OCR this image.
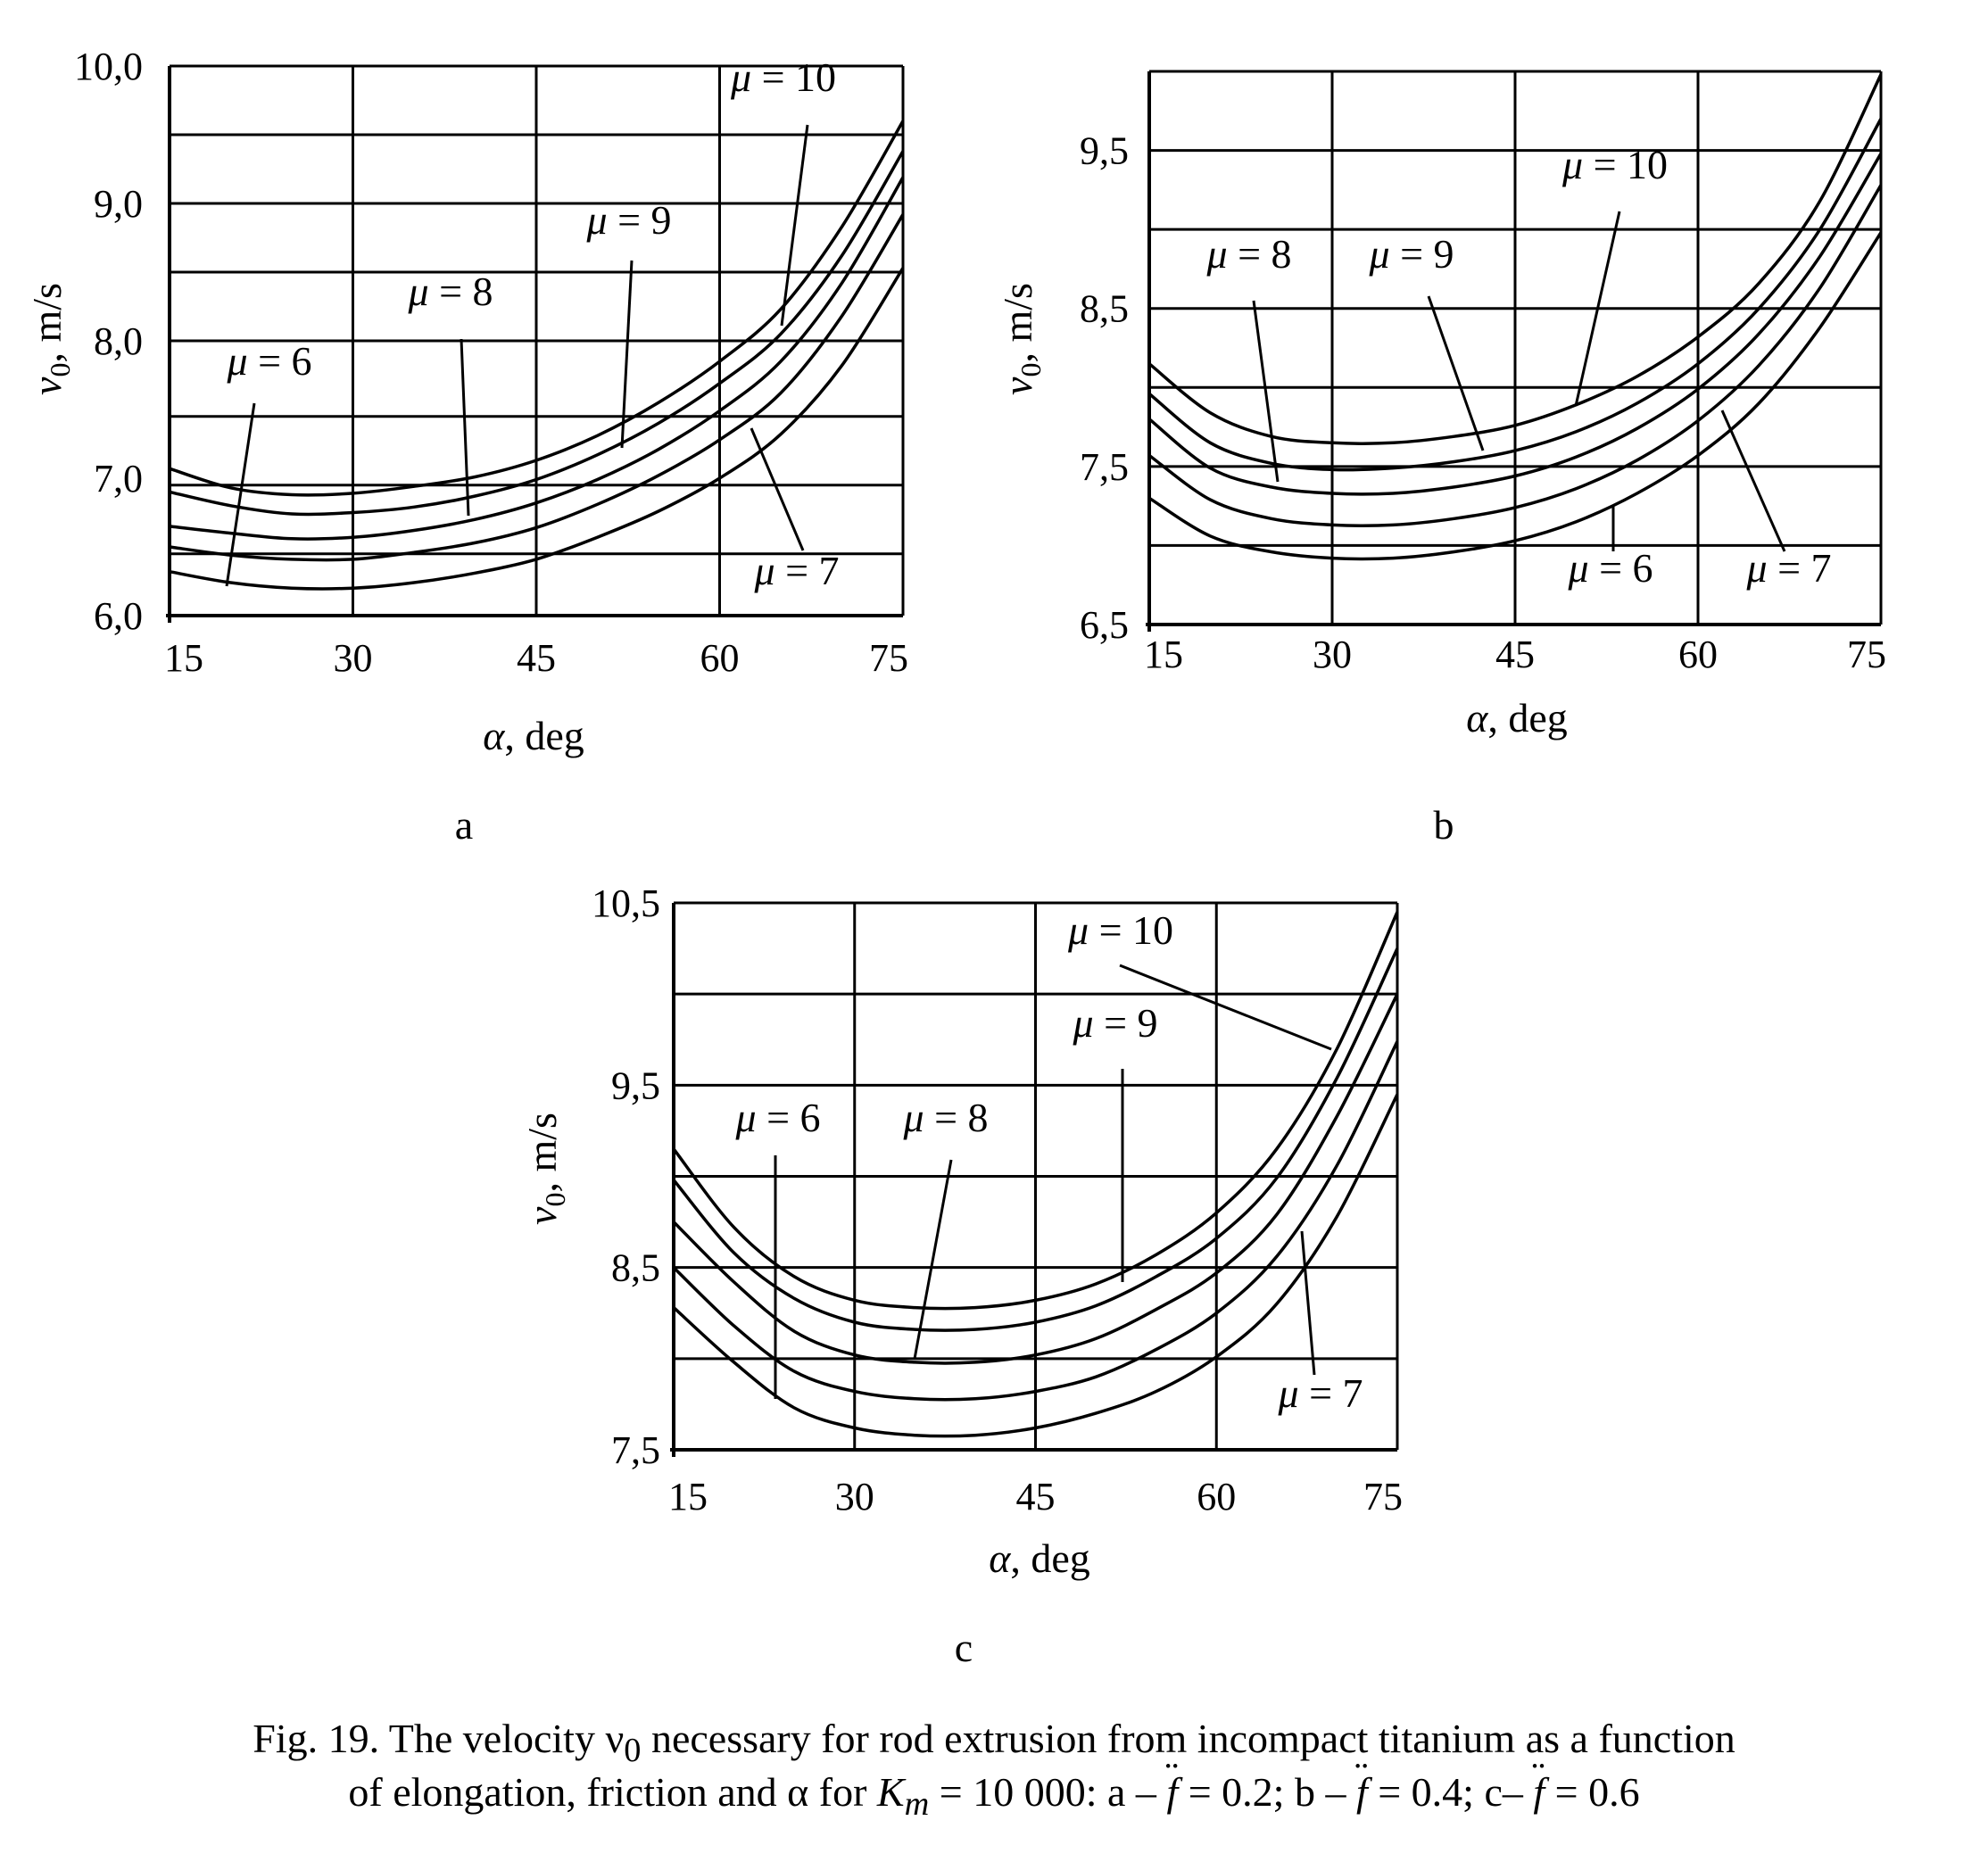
10,0
9,0
8,0
7,0
6,0
15	30	45	60	75
α, deg
$v_0$, m/s
μ = 10
μ = 9
μ = 8
μ = 6
μ = 7
a
9,5
8,5
7,5
6,5
15	30	45	60	75
α, deg
$v_0$, m/s
μ = 10
μ = 8 μ = 9
μ = 6 μ = 7
b
10,5
9,5
8,5
7,5
15	30	45	60	75
α, deg
$v_0$, m/s
μ = 10
μ = 9
μ = 6 μ = 8
μ = 7
c
Fig. 19. The velocity $\nu_0$ necessary for rod extrusion from incompact titanium as a function
of elongation, friction and α for $K_m = 10$ 000: a – ¨ f = 0.2; b – ¨ f = 0.4; c– ¨ f = 0.6
